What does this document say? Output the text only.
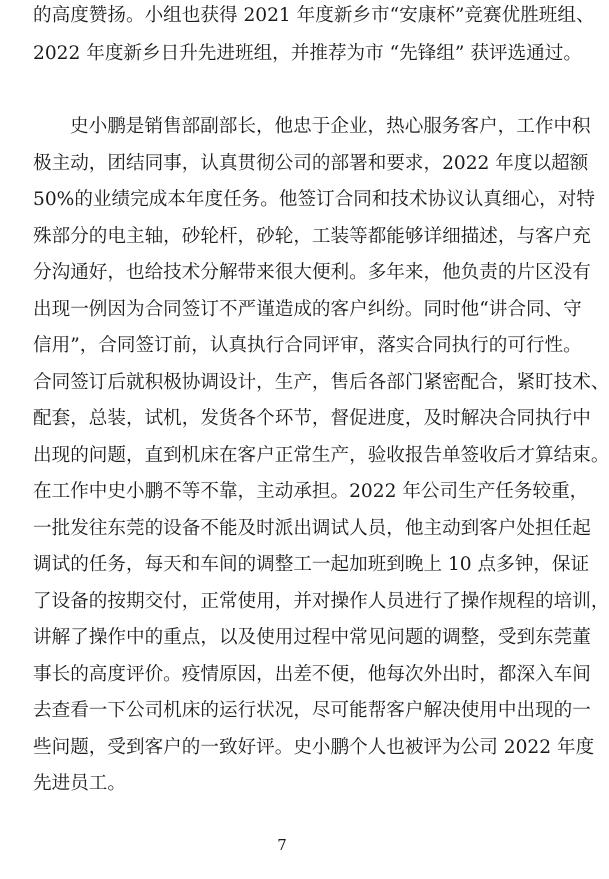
的高度赞扬。小组也获得 2021 年度新乡市“安康杯”竞赛优胜班组、
2022 年度新乡日升先进班组，并推荐为市 “先锋组” 获评选通过。
史小鹏是销售部副部长，他忠于企业，热心服务客户，工作中积
极主动，团结同事，认真贯彻公司的部署和要求，2022 年度以超额
50%的业绩完成本年度任务。他签订合同和技术协议认真细心，对特
殊部分的电主轴，砂轮杆，砂轮，工装等都能够详细描述，与客户充
分沟通好，也给技术分解带来很大便利。多年来，他负责的片区没有
出现一例因为合同签订不严谨造成的客户纠纷。同时他“讲合同、守
信用”，合同签订前，认真执行合同评审，落实合同执行的可行性。
合同签订后就积极协调设计，生产，售后各部门紧密配合，紧盯技术、
配套，总装，试机，发货各个环节，督促进度，及时解决合同执行中
出现的问题，直到机床在客户正常生产，验收报告单签收后才算结束。
在工作中史小鹏不等不靠，主动承担。2022 年公司生产任务较重，
一批发往东莞的设备不能及时派出调试人员，他主动到客户处担任起
调试的任务，每天和车间的调整工一起加班到晚上 10 点多钟，保证
了设备的按期交付，正常使用，并对操作人员进行了操作规程的培训，
讲解了操作中的重点，以及使用过程中常见问题的调整，受到东莞董
事长的高度评价。疫情原因，出差不便，他每次外出时，都深入车间
去查看一下公司机床的运行状况，尽可能帮客户解决使用中出现的一
些问题，受到客户的一致好评。史小鹏个人也被评为公司 2022 年度
先进员工。
7
